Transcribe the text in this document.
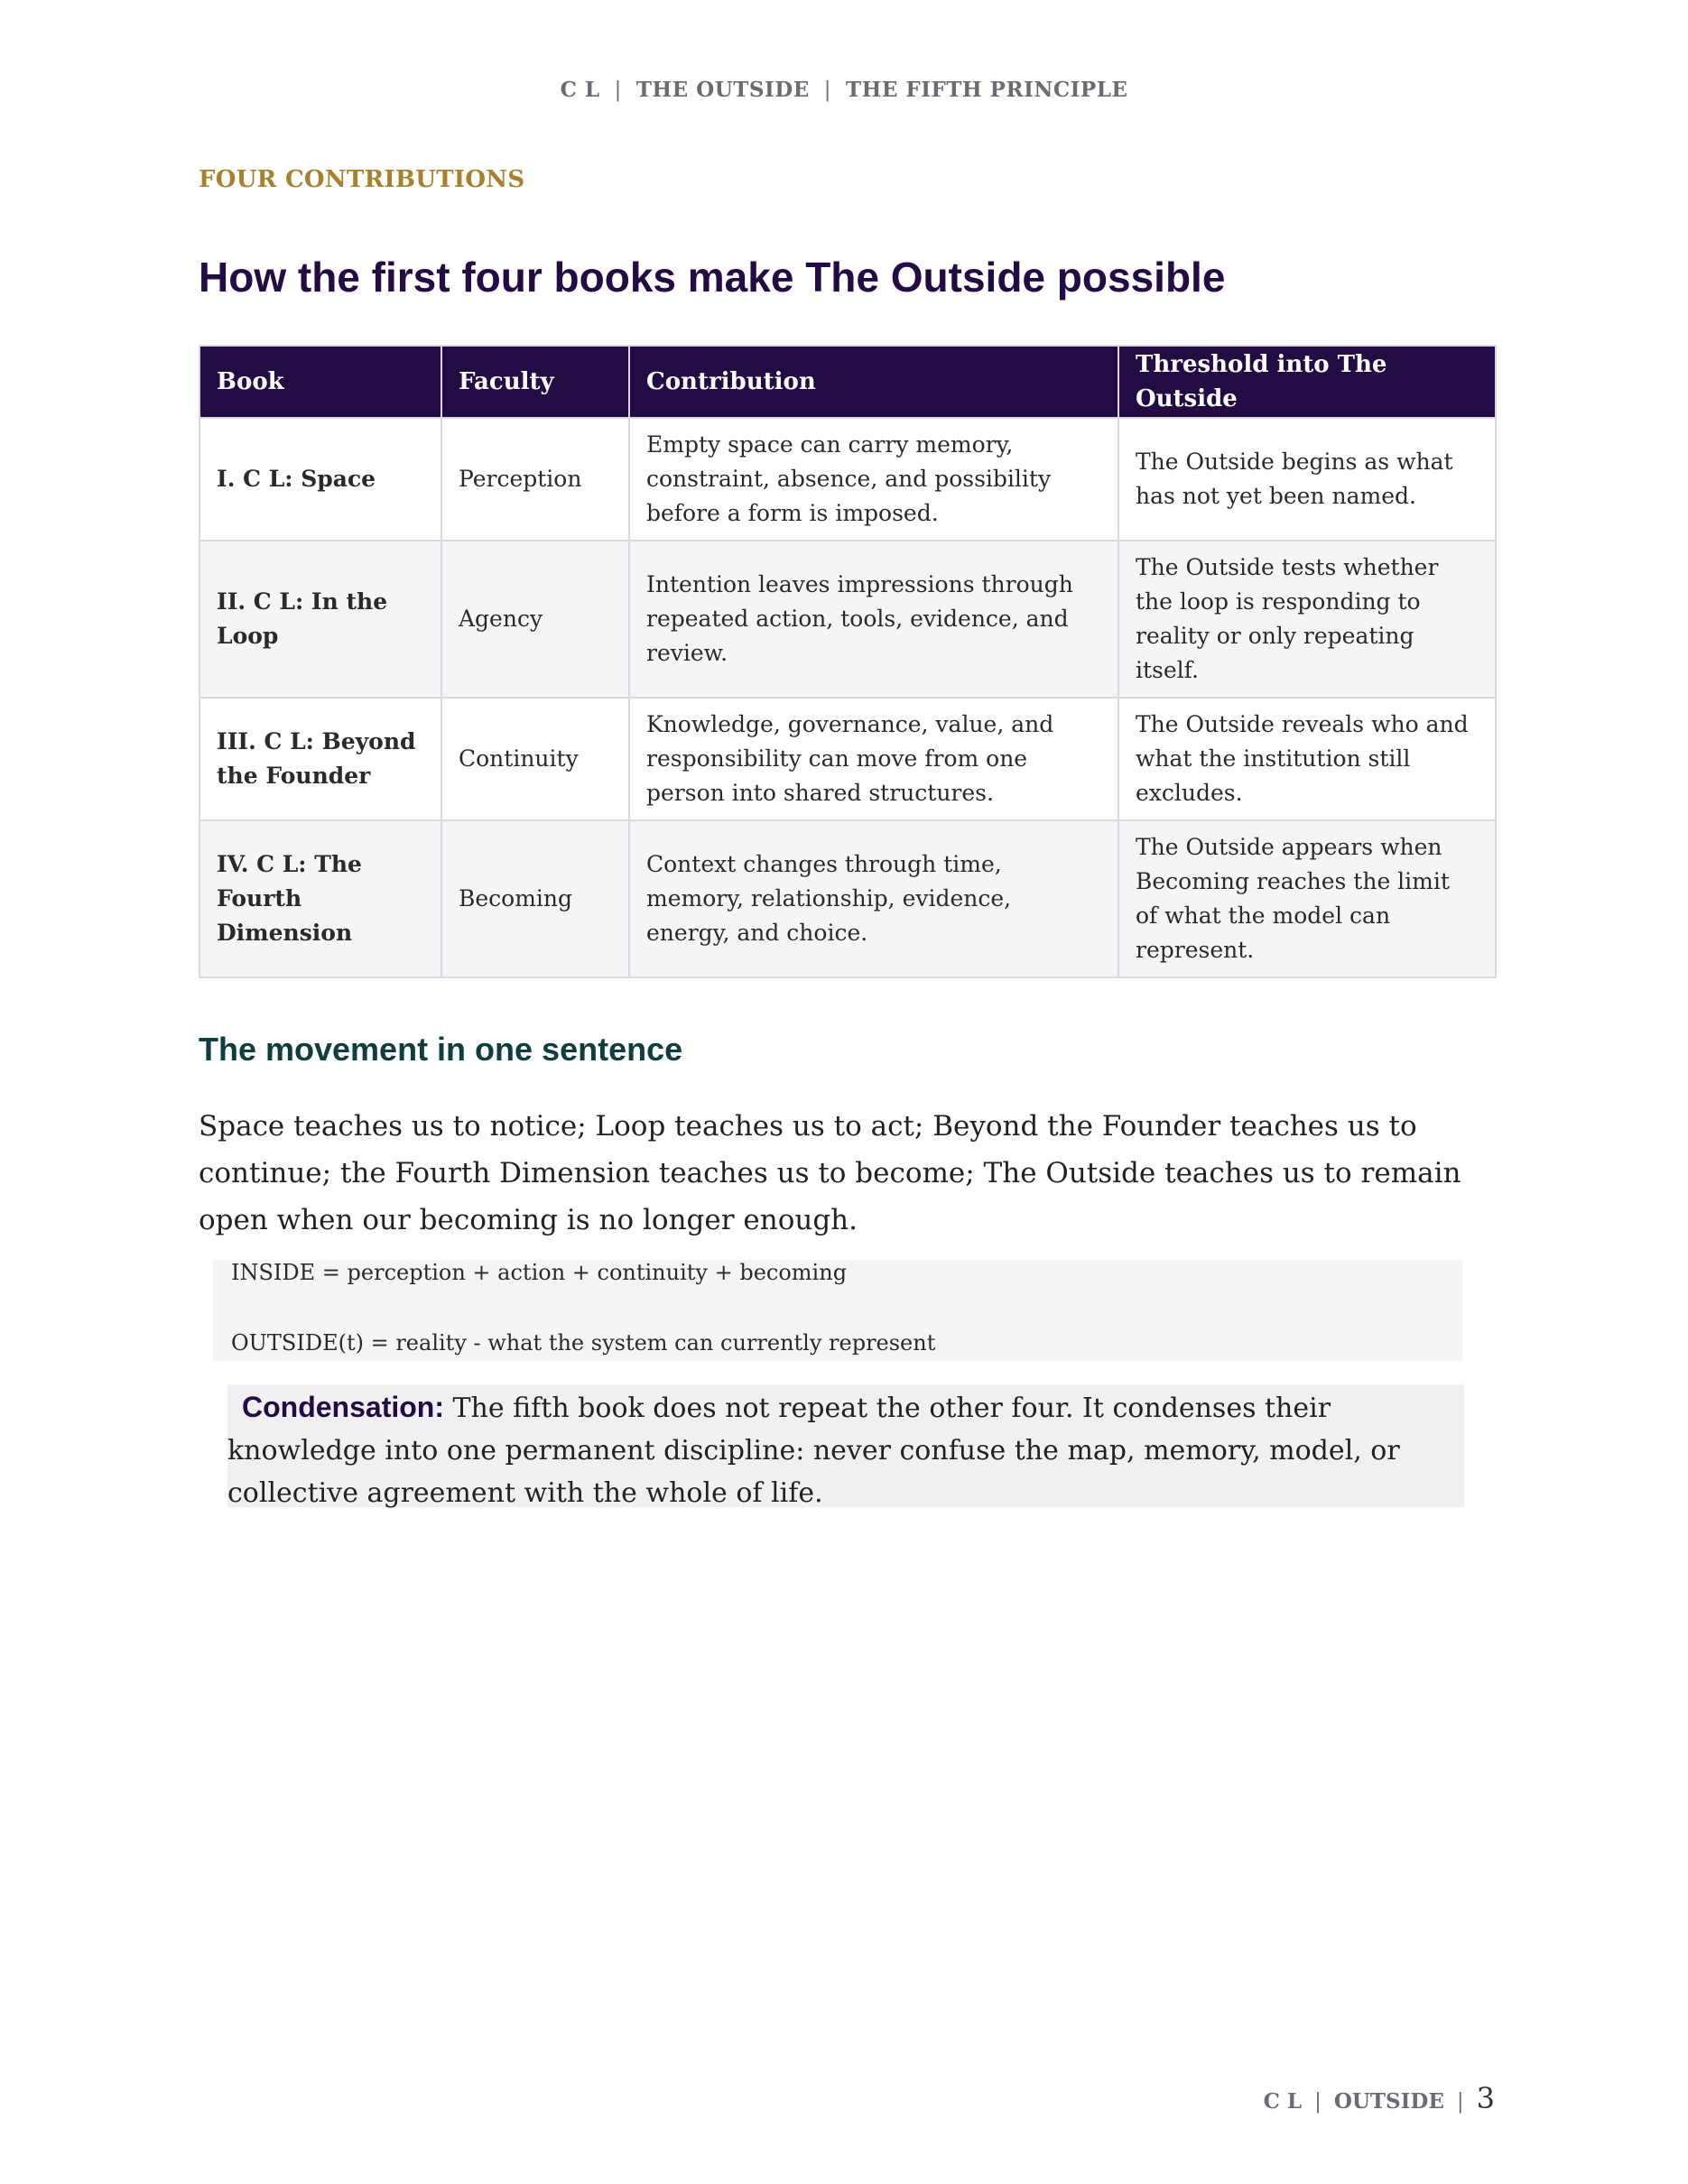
C L | THE OUTSIDE | THE FIFTH PRINCIPLE
FOUR CONTRIBUTIONS
How the first four books make The Outside possible
Book	Faculty	Contribution	Threshold into The Outside
I. C L: Space	Perception	Empty space can carry memory, constraint, absence, and possibility before a form is imposed.	The Outside begins as what has not yet been named.
II. C L: In the Loop	Agency	Intention leaves impressions through repeated action, tools, evidence, and review.	The Outside tests whether the loop is responding to reality or only repeating itself.
III. C L: Beyond the Founder	Continuity	Knowledge, governance, value, and responsibility can move from one person into shared structures.	The Outside reveals who and what the institution still excludes.
IV. C L: The Fourth Dimension	Becoming	Context changes through time, memory, relationship, evidence, energy, and choice.	The Outside appears when Becoming reaches the limit of what the model can represent.
The movement in one sentence

Space teaches us to notice; Loop teaches us to act; Beyond the Founder teaches us to continue; the Fourth Dimension teaches us to become; The Outside teaches us to remain open when our becoming is no longer enough.

INSIDE = perception + action + continuity + becoming
OUTSIDE(t) = reality - what the system can currently represent
Condensation: The fifth book does not repeat the other four. It condenses their knowledge into one permanent discipline: never confuse the map, memory, model, or collective agreement with the whole of life.
C L | OUTSIDE | 3
